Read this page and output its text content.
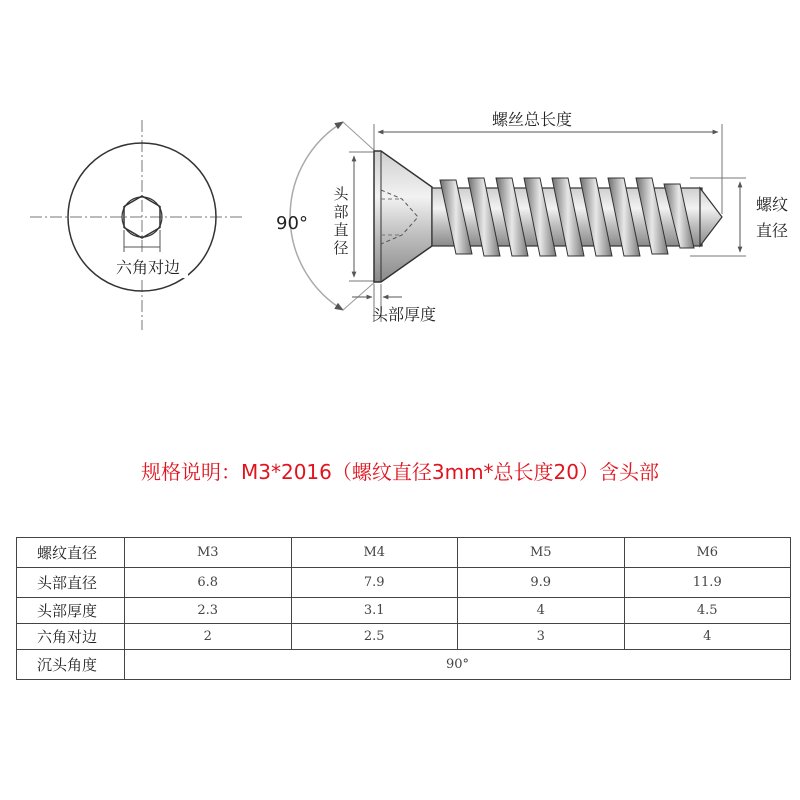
六角对边
90°
头
部
直
径
螺丝总长度
螺纹
直径
头部厚度
规格说明：M3*2016（螺纹直径3mm*总长度20）含头部
螺纹直径	M3	M4	M5	M6
头部直径	6.8	7.9	9.9	11.9
头部厚度	2.3	3.1	4	4.5
六角对边	2	2.5	3	4
沉头角度	90°			
